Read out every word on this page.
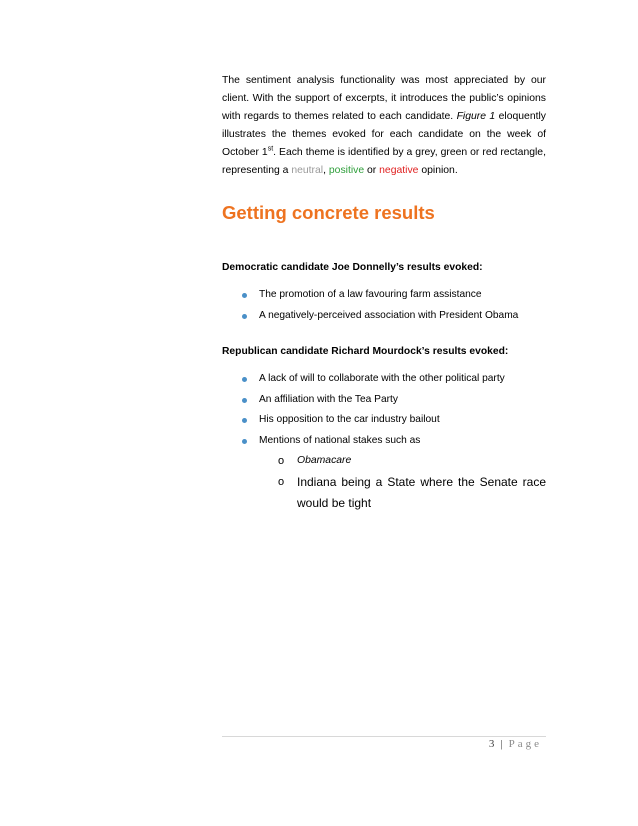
The sentiment analysis functionality was most appreciated by our client. With the support of excerpts, it introduces the public’s opinions with regards to themes related to each candidate. Figure 1 eloquently illustrates the themes evoked for each candidate on the week of October 1st. Each theme is identified by a grey, green or red rectangle, representing a neutral, positive or negative opinion.

Getting concrete results

Democratic candidate Joe Donnelly’s results evoked:

The promotion of a law favouring farm assistance
A negatively-perceived association with President Obama

Republican candidate Richard Mourdock’s results evoked:

A lack of will to collaborate with the other political party
An affiliation with the Tea Party
His opposition to the car industry bailout
Mentions of national stakes such as
o Obamacare
o Indiana being a State where the Senate race would be tight
3 | Page
